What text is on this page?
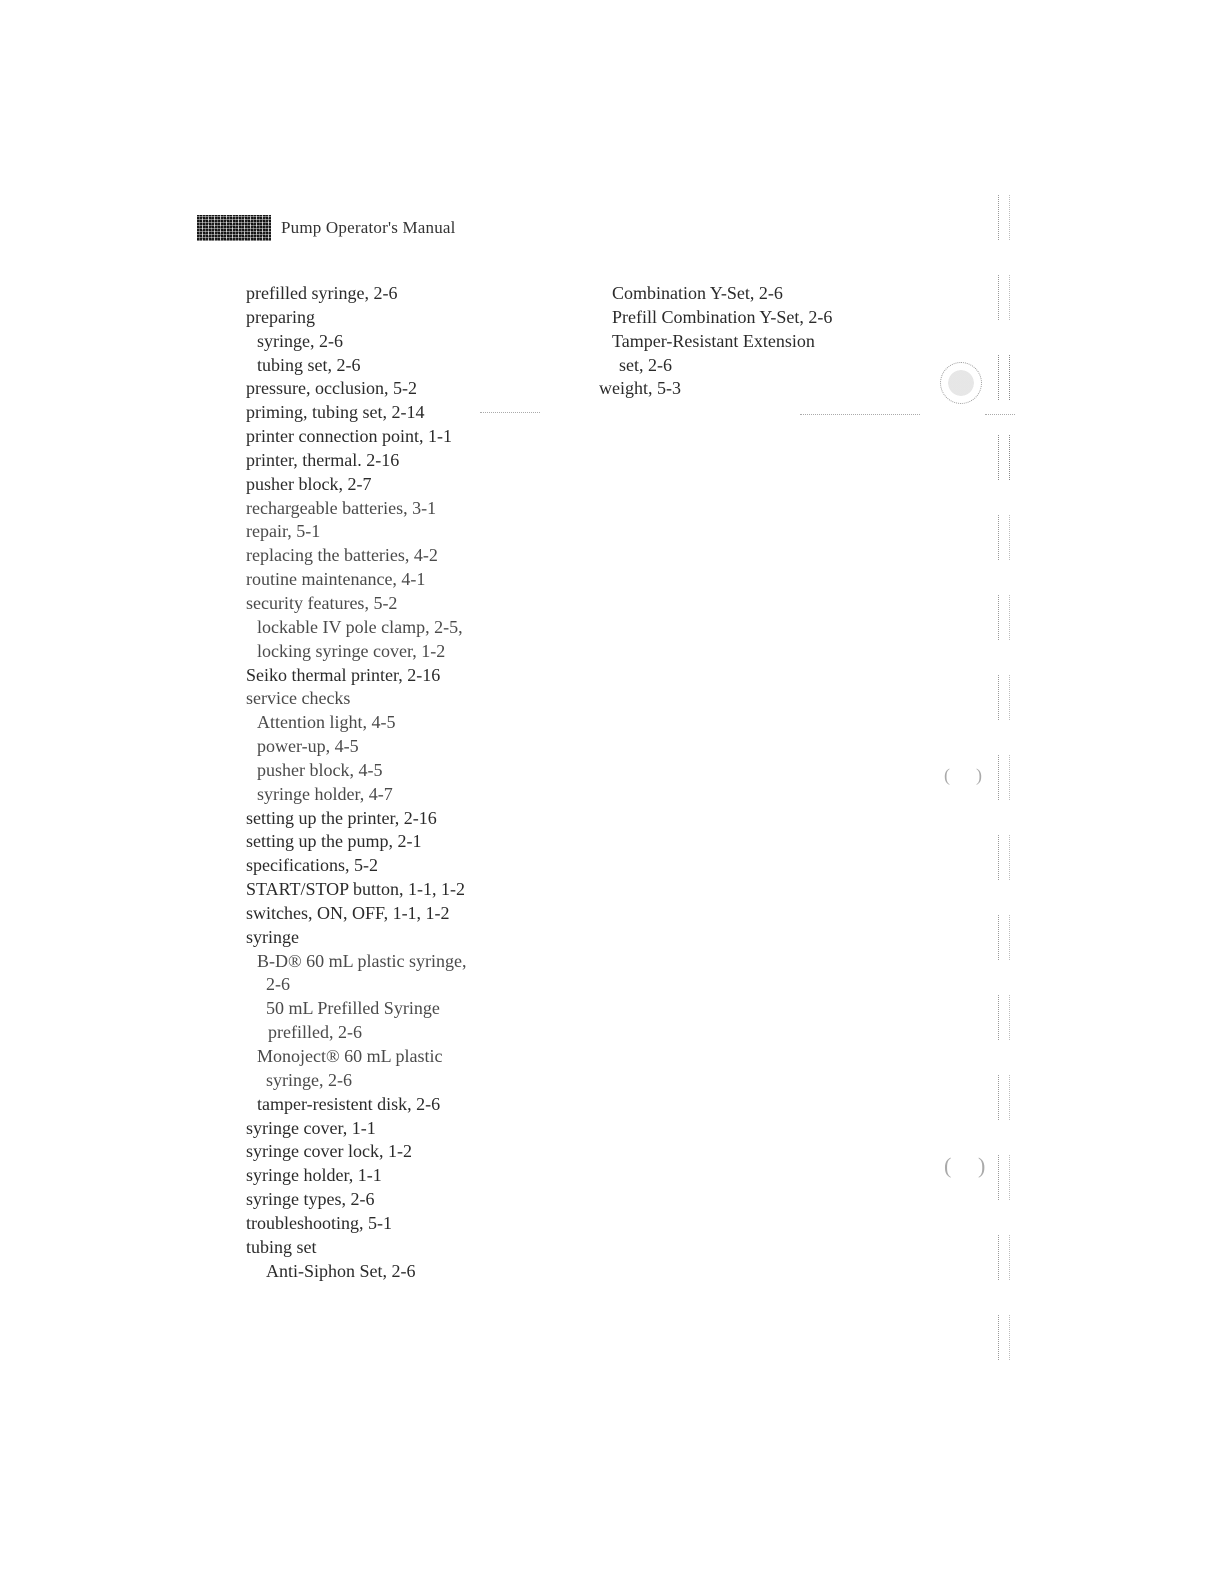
Pump Operator's Manual
prefilled syringe, 2-6
preparing
syringe, 2-6
tubing set, 2-6
pressure, occlusion, 5-2
priming, tubing set, 2-14
printer connection point, 1-1
printer, thermal. 2-16
pusher block, 2-7
rechargeable batteries, 3-1
repair, 5-1
replacing the batteries, 4-2
routine maintenance, 4-1
security features, 5-2
lockable IV pole clamp, 2-5,
locking syringe cover, 1-2
Seiko thermal printer, 2-16
service checks
Attention light, 4-5
power-up, 4-5
pusher block, 4-5
syringe holder, 4-7
setting up the printer, 2-16
setting up the pump, 2-1
specifications, 5-2
START/STOP button, 1-1, 1-2
switches, ON, OFF, 1-1, 1-2
syringe
B-D® 60 mL plastic syringe,
2-6
50 mL Prefilled Syringe
prefilled, 2-6
Monoject® 60 mL plastic
syringe, 2-6
tamper-resistent disk, 2-6
syringe cover, 1-1
syringe cover lock, 1-2
syringe holder, 1-1
syringe types, 2-6
troubleshooting, 5-1
tubing set
Anti-Siphon Set, 2-6
Combination Y-Set, 2-6
Prefill Combination Y-Set, 2-6
Tamper-Resistant Extension
set, 2-6
weight, 5-3
( )
( )
